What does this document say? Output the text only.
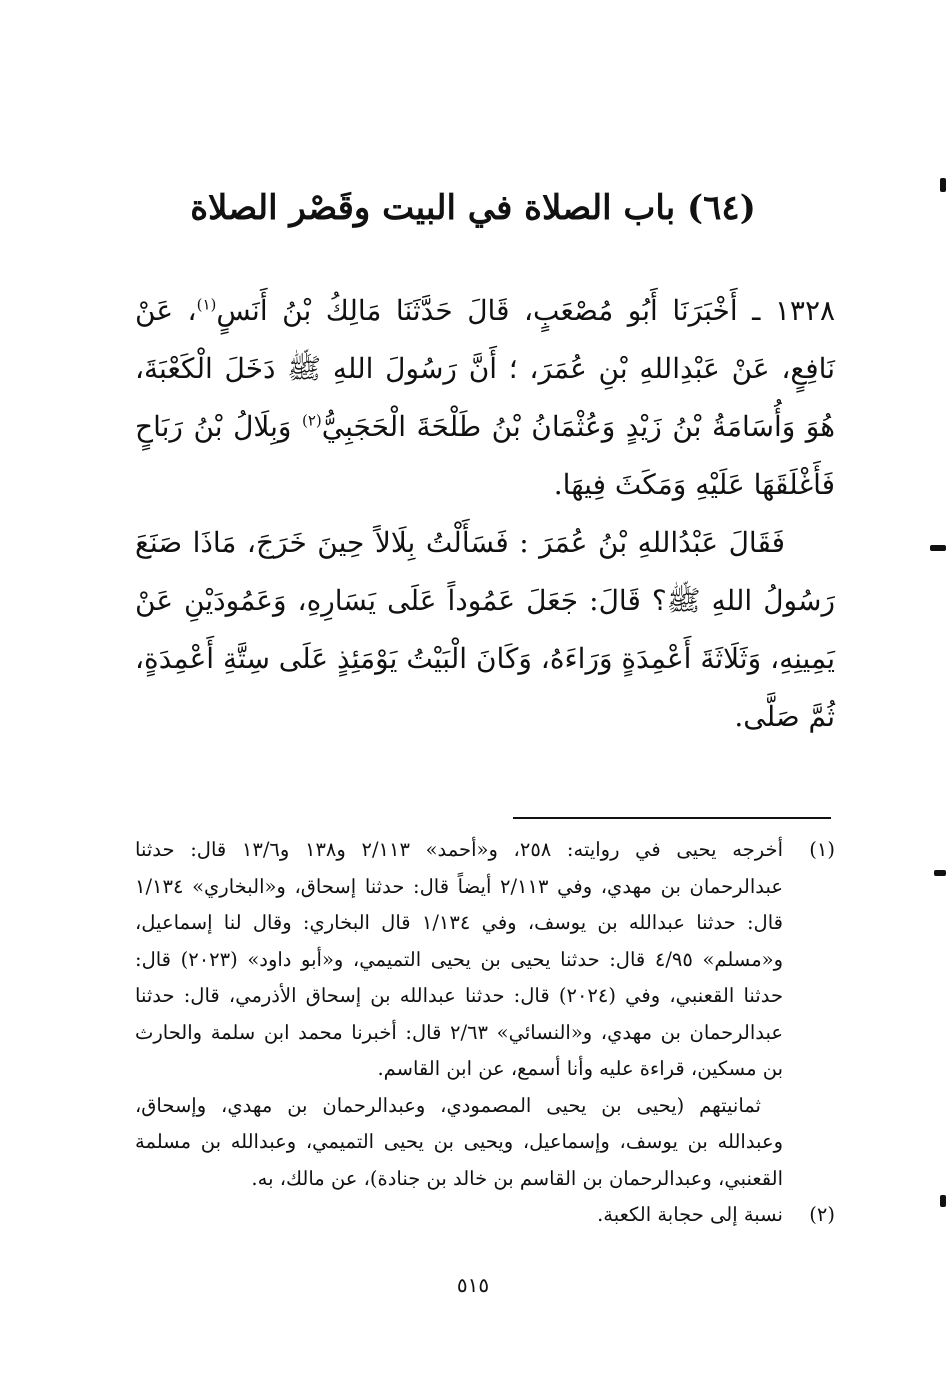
(٦٤) باب الصلاة في البيت وقَصْر الصلاة

١٣٢٨ ـ أَخْبَرَنَا أَبُو مُصْعَبٍ، قَالَ حَدَّثَنَا مَالِكُ بْنُ أَنَسٍ$^{(١)}$، عَنْ نَافِعٍ، عَنْ عَبْدِاللهِ بْنِ عُمَرَ، ؛ أَنَّ رَسُولَ اللهِ ﷺ دَخَلَ الْكَعْبَةَ، هُوَ وَأُسَامَةُ بْنُ زَيْدٍ وَعُثْمَانُ بْنُ طَلْحَةَ الْحَجَبِيُّ$^{(٢)}$ وَبِلَالُ بْنُ رَبَاحٍ فَأَغْلَقَهَا عَلَيْهِ وَمَكَثَ فِيهَا.

فَقَالَ عَبْدُاللهِ بْنُ عُمَرَ : فَسَأَلْتُ بِلَالاً حِينَ خَرَجَ، مَاذَا صَنَعَ رَسُولُ اللهِ ﷺ؟ قَالَ: جَعَلَ عَمُوداً عَلَى يَسَارِهِ، وَعَمُودَيْنِ عَنْ يَمِينِهِ، وَثَلَاثَةَ أَعْمِدَةٍ وَرَاءَهُ، وَكَانَ الْبَيْتُ يَوْمَئِذٍ عَلَى سِتَّةِ أَعْمِدَةٍ، ثُمَّ صَلَّى.

(١)

أخرجه يحيى في روايته: ٢٥٨، و«أحمد» ٢/١١٣ و١٣٨ و١٣/٦ قال: حدثنا عبدالرحمان بن مهدي، وفي ٢/١١٣ أيضاً قال: حدثنا إسحاق، و«البخاري» ١/١٣٤ قال: حدثنا عبدالله بن يوسف، وفي ١/١٣٤ قال البخاري: وقال لنا إسماعيل، و«مسلم» ٤/٩٥ قال: حدثنا يحيى بن يحيى التميمي، و«أبو داود» (٢٠٢٣) قال: حدثنا القعنبي، وفي (٢٠٢٤) قال: حدثنا عبدالله بن إسحاق الأذرمي، قال: حدثنا عبدالرحمان بن مهدي، و«النسائي» ٢/٦٣ قال: أخبرنا محمد ابن سلمة والحارث بن مسكين، قراءة عليه وأنا أسمع، عن ابن القاسم.

ثمانيتهم (يحيى بن يحيى المصمودي، وعبدالرحمان بن مهدي، وإسحاق، وعبدالله بن يوسف، وإسماعيل، ويحيى بن يحيى التميمي، وعبدالله بن مسلمة القعنبي، وعبدالرحمان بن القاسم بن خالد بن جنادة)، عن مالك، به.

(٢)

نسبة إلى حجابة الكعبة.

٥١٥
